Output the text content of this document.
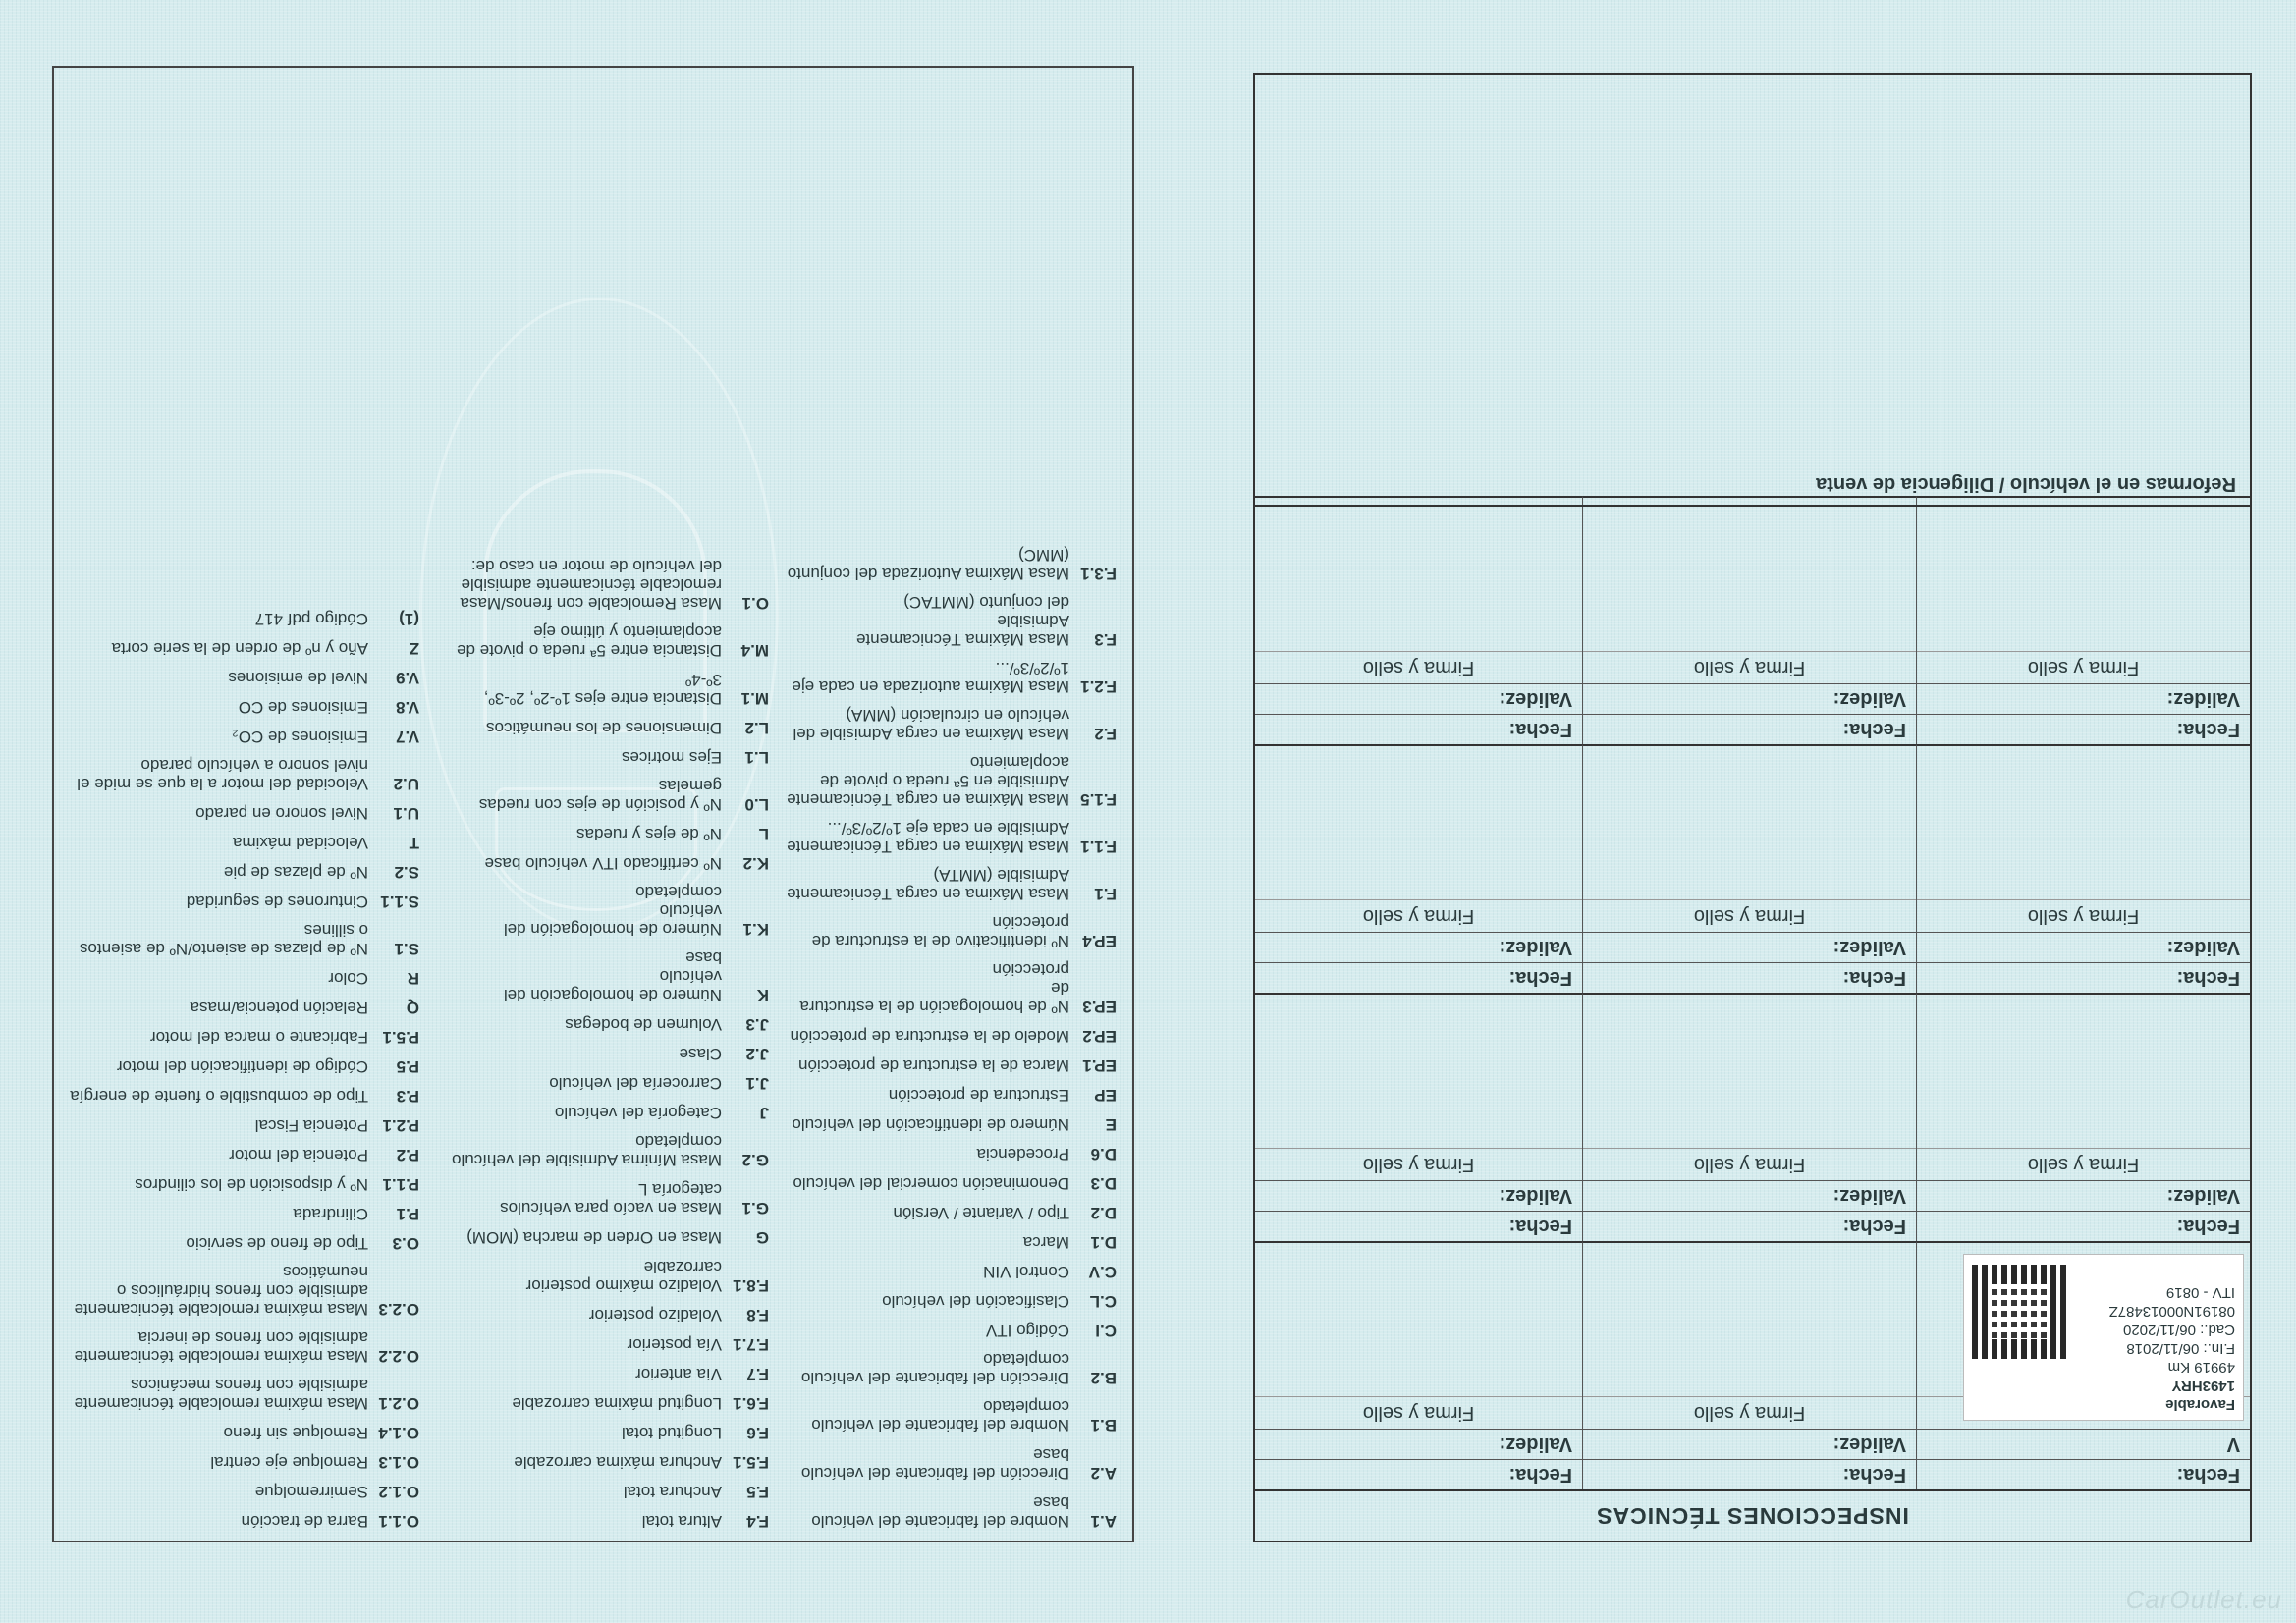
INSPECCIONES TÉCNICAS
Fecha:
V
Favorable
1493HRY
49919 Km
F.In.: 06/11/2018
Cad.: 06/11/2020
08191N00013487Z
ITV - 0819
Fecha:
Validez:
Firma y sello
Fecha:
Validez:
Firma y sello
Fecha:
Validez:
Firma y sello
Fecha:
Validez:
Firma y sello
Fecha:
Validez:
Firma y sello
Fecha:
Validez:
Firma y sello
Fecha:
Validez:
Firma y sello
Fecha:
Validez:
Firma y sello
Fecha:
Validez:
Firma y sello
Fecha:
Validez:
Firma y sello
Fecha:
Validez:
Firma y sello
Reformas en el vehículo / Diligencia de venta
A.1
Nombre del fabricante del vehículo base
A.2
Dirección del fabricante del vehículo base
B.1
Nombre del fabricante del vehículo
completado
B.2
Dirección del fabricante del vehículo
completado
C.I
Código ITV
C.L
Clasificación del vehículo
C.V
Control VIN
D.1
Marca
D.2
Tipo / Variante / Versión
D.3
Denominación comercial del vehículo
D.6
Procedencia
E
Número de identificación del vehículo
EP
Estructura de protección
EP.1
Marca de la estructura de protección
EP.2
Modelo de la estructura de protección
EP.3
Nº de homologación de la estructura de
protección
EP.4
Nº identificativo de la estructura de
protección
F.1
Masa Máxima en carga Técnicamente
Admisible (MMTA)
F.1.1
Masa Máxima en carga Técnicamente
Admisible en cada eje 1º/2º/3º/...
F.1.5
Masa Máxima en carga Técnicamente
Admisible en 5ª rueda o pivote de
acoplamiento
F.2
Masa Máxima en carga Admisible del
vehículo en circulación (MMA)
F.2.1
Masa Máxima autorizada en cada eje
1º/2º/3º/...
F.3
Masa Máxima Técnicamente Admisible
del conjunto (MMTAC)
F.3.1
Masa Máxima Autorizada del conjunto
(MMC)
F.4
Altura total
F.5
Anchura total
F.5.1
Anchura máxima carrozable
F.6
Longitud total
F.6.1
Longitud máxima carrozable
F.7
Vía anterior
F.7.1
Vía posterior
F.8
Voladizo posterior
F.8.1
Voladizo máximo posterior carrozable
G
Masa en Orden de marcha (MOM)
G.1
Masa en vacío para vehículos categoría L
G.2
Masa Mínima Admisible del vehículo
completado
J
Categoría del vehículo
J.1
Carrocería del vehículo
J.2
Clase
J.3
Volumen de bodegas
K
Número de homologación del vehículo
base
K.1
Número de homologación del vehículo
completado
K.2
Nº certificado ITV vehículo base
L
Nº de ejes y ruedas
L.0
Nº y posición de ejes con ruedas
gemelas
L.1
Ejes motrices
L.2
Dimensiones de los neumáticos
M.1
Distancia entre ejes 1º-2º, 2º-3º, 3º-4º
M.4
Distancia entre 5ª rueda o pivote de
acoplamiento y último eje
O.1
Masa Remolcable con frenos/Masa
remolcable técnicamente admisible
del vehículo de motor en caso de:
O.1.1
Barra de tracción
O.1.2
Semirremolque
O.1.3
Remolque eje central
O.1.4
Remolque sin freno
O.2.1
Masa máxima remolcable técnicamente
admisible con frenos mecánicos
O.2.2
Masa máxima remolcable técnicamente
admisible con frenos de inercia
O.2.3
Masa máxima remolcable técnicamente
admisible con frenos hidráulicos o
neumáticos
O.3
Tipo de freno de servicio
P.1
Cilindrada
P.1.1
Nº y disposición de los cilindros
P.2
Potencia del motor
P.2.1
Potencia Fiscal
P.3
Tipo de combustible o fuente de energía
P.5
Código de identificación del motor
P.5.1
Fabricante o marca del motor
Q
Relación potencia/masa
R
Color
S.1
Nº de plazas de asiento/Nº de asientos
o sillines
S.1.1
Cinturones de seguridad
S.2
Nº de plazas de pie
T
Velocidad máxima
U.1
Nivel sonoro en parado
U.2
Velocidad del motor a la que se mide el
nivel sonoro a vehículo parado
V.7
Emisiones de CO₂
V.8
Emisiones de CO
V.9
Nivel de emisiones
Z
Año y nº de orden de la serie corta
(1)
Código pdf 417
CarOutlet.eu
